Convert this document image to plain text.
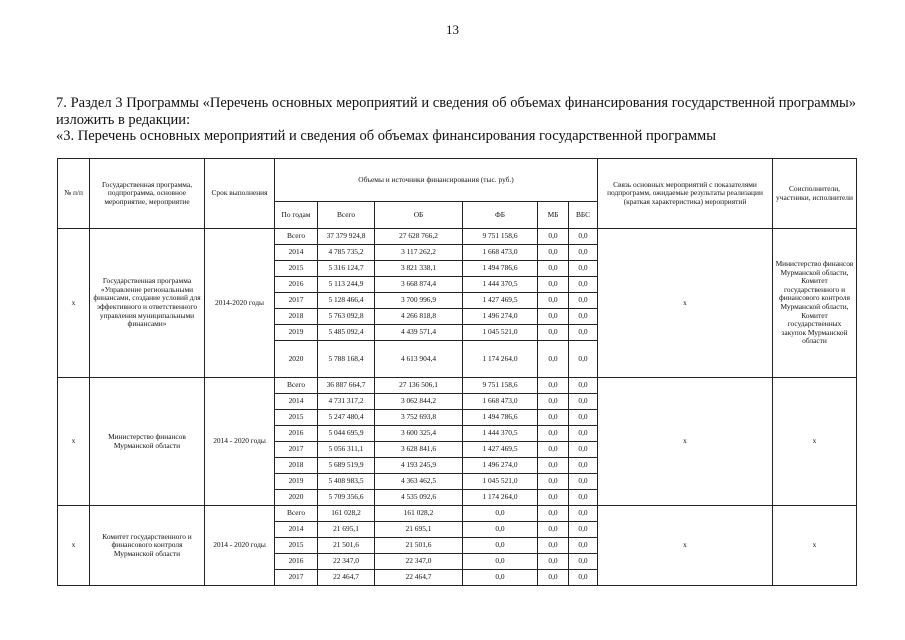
13
7. Раздел 3 Программы «Перечень основных мероприятий и сведения об объемах финансирования государственной программы» изложить в редакции:
«3. Перечень основных мероприятий и сведения об объемах финансирования государственной программы
№ п/п	Государственная программа, подпрограмма, основное мероприятие, мероприятие	Срок выполнения	Объемы и источники финансирования (тыс. руб.)						Связь основных мероприятий с показателями подпрограмм, ожидаемые результаты реализации (краткая характеристика) мероприятий	Соисполнители, участники, исполнители
			По годам	Всего	ОБ	ФБ	МБ	ВБС		
х	Государственная программа «Управление региональными финансами, создание условий для эффективного и ответственного управления муниципальными финансами»	2014-2020 годы	Всего	37 379 924,8	27 628 766,2	9 751 158,6	0,0	0,0	х	Министерство финансов Мурманской области, Комитет государственного и финансового контроля Мурманской области, Комитет государственных закупок Мурманской области
			2014	4 785 735,2	3 117 262,2	1 668 473,0	0,0	0,0		
			2015	5 316 124,7	3 821 338,1	1 494 786,6	0,0	0,0		
			2016	5 113 244,9	3 668 874,4	1 444 370,5	0,0	0,0		
			2017	5 128 466,4	3 700 996,9	1 427 469,5	0,0	0,0		
			2018	5 763 092,8	4 266 818,8	1 496 274,0	0,0	0,0		
			2019	5 485 092,4	4 439 571,4	1 045 521,0	0,0	0,0		
			2020	5 788 168,4	4 613 904,4	1 174 264,0	0,0	0,0		
х	Министерство финансов Мурманской области	2014 - 2020 годы	Всего	36 887 664,7	27 136 506,1	9 751 158,6	0,0	0,0	х	х
			2014	4 731 317,2	3 062 844,2	1 668 473,0	0,0	0,0		
			2015	5 247 480,4	3 752 693,8	1 494 786,6	0,0	0,0		
			2016	5 044 695,9	3 600 325,4	1 444 370,5	0,0	0,0		
			2017	5 056 311,1	3 628 841,6	1 427 469,5	0,0	0,0		
			2018	5 689 519,9	4 193 245,9	1 496 274,0	0,0	0,0		
			2019	5 408 983,5	4 363 462,5	1 045 521,0	0,0	0,0		
			2020	5 709 356,6	4 535 092,6	1 174 264,0	0,0	0,0		
х	Комитет государственного и финансового контроля Мурманской области	2014 - 2020 годы	Всего	161 028,2	161 028,2	0,0	0,0	0,0	х	х
			2014	21 695,1	21 695,1	0,0	0,0	0,0		
			2015	21 501,6	21 501,6	0,0	0,0	0,0		
			2016	22 347,0	22 347,0	0,0	0,0	0,0		
			2017	22 464,7	22 464,7	0,0	0,0	0,0		
